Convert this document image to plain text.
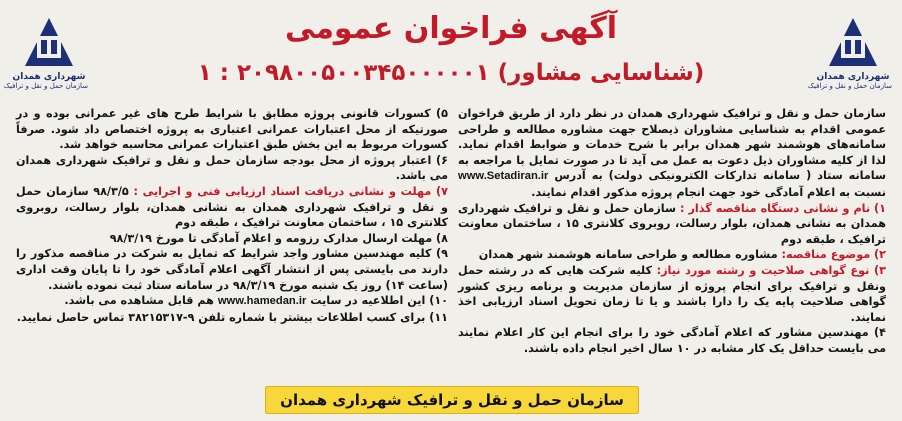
شهرداری همدان
سازمان حمل و نقل و ترافیک
شهرداری همدان
سازمان حمل و نقل و ترافیک
آگهی فراخوان عمومی
(شناسایی مشاور) ۲۰۹۸۰۰۵۰۰۳۴۵۰۰۰۰۰۱ : ۱

سازمان حمل و نقل و ترافیک شهرداری همدان در نظر دارد از طریق فراخوان عمومی اقدام به شناسایی مشاوران ذیصلاح جهت مشاوره مطالعه و طراحی سامانه‌های هوشمند شهر همدان برابر با شرح خدمات و ضوابط اقدام نماید. لذا از کلیه مشاوران ذیل دعوت به عمل می آید تا در صورت تمایل با مراجعه به سامانه ستاد ( سامانه تدارکات الکترونیکی دولت) به آدرس www.Setadiran.ir نسبت به اعلام آمادگی خود جهت انجام پروژه مذکور اقدام نمایند.

۱) نام و نشانی دستگاه مناقصه گذار : سازمان حمل و نقل و ترافیک شهرداری همدان به نشانی همدان، بلوار رسالت، روبروی کلانتری ۱۵ ، ساختمان معاونت ترافیک ، طبقه دوم

۲) موضوع مناقصه: مشاوره مطالعه و طراحی سامانه هوشمند شهر همدان

۳) نوع گواهی صلاحیت و رشته مورد نیاز: کلیه شرکت هایی که در رشته حمل ونقل و ترافیک برای انجام پروژه از سازمان مدیریت و برنامه ریزی کشور گواهی صلاحیت پایه یک را دارا باشند و یا تا زمان تحویل اسناد ارزیابی اخذ نمایند.

۴) مهندسین مشاور که اعلام آمادگی خود را برای انجام این کار اعلام نمایند می بایست حداقل یک کار مشابه در ۱۰ سال اخیر انجام داده باشند.

۵) کسورات قانونی پروژه مطابق با شرایط طرح های غیر عمرانی بوده و در صورتیکه از محل اعتبارات عمرانی اعتباری به پروژه اختصاص داد شود. صرفاً کسورات مربوط به این بخش طبق اعتبارات عمرانی محاسبه خواهد شد.

۶) اعتبار پروژه از محل بودجه سازمان حمل و نقل و ترافیک شهرداری همدان می باشد.

۷) مهلت و نشانی دریافت اسناد ارزیابی فنی و اجرایی : ۹۸/۳/۵ سازمان حمل و نقل و ترافیک شهرداری همدان به نشانی همدان، بلوار رسالت، روبروی کلانتری ۱۵ ، ساختمان معاونت ترافیک ، طبقه دوم

۸) مهلت ارسال مدارک رزومه و اعلام آمادگی تا مورخ ۹۸/۳/۱۹

۹) کلیه مهندسین مشاور واجد شرایط که تمایل به شرکت در مناقصه مذکور را دارند می بایستی پس از انتشار آگهی اعلام آمادگی خود را تا پایان وقت اداری (ساعت ۱۴) روز یک شنبه مورخ ۹۸/۳/۱۹ در سامانه ستاد ثبت نموده باشند.

۱۰) این اطلاعیه در سایت www.hamedan.ir هم قابل مشاهده می باشد.

۱۱) برای کسب اطلاعات بیشتر با شماره تلفن ۹-۳۸۲۱۵۳۱۷ تماس حاصل نمایید.

سازمان حمل و نقل و ترافیک شهرداری همدان
